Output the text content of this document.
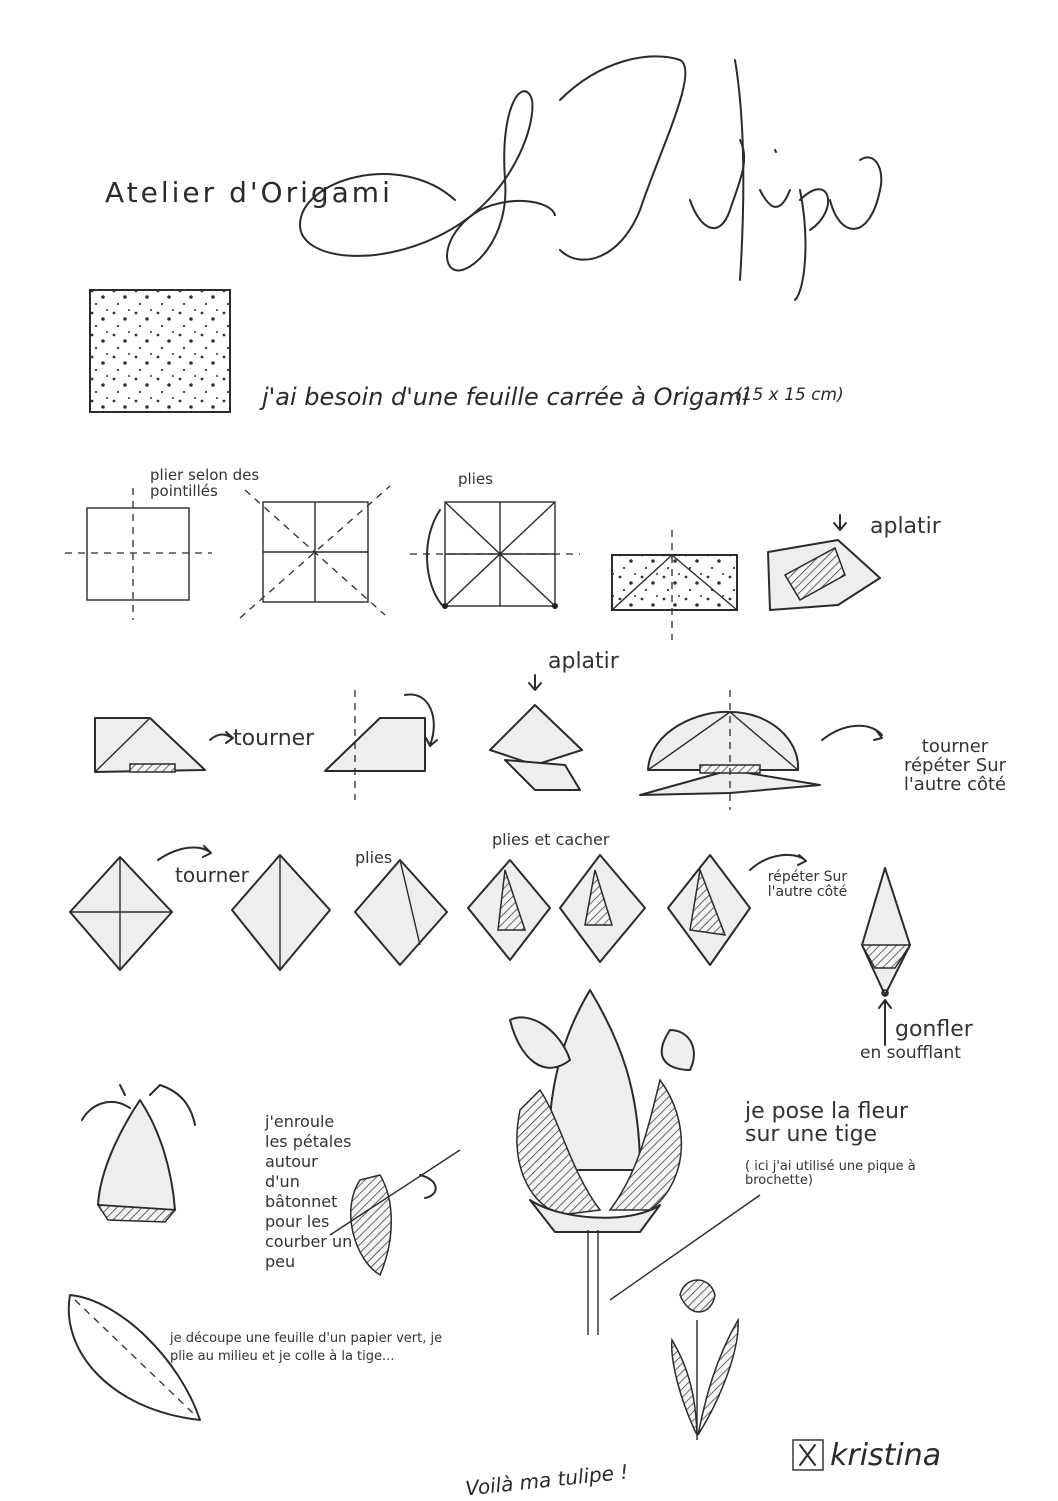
Atelier d'Origami
j'ai besoin d'une feuille carrée à Origami
(15 x 15 cm)
plier selon des pointillés
plies
aplatir
tourner
aplatir
tourner répéter Sur l'autre côté
tourner
plies
plies et cacher
répéter Sur l'autre côté
gonfler
en soufflant
j'enroule les pétales autour d'un bâtonnet pour les courber un peu
je pose la fleur sur une tige
( ici j'ai utilisé une pique à brochette)
je découpe une feuille d'un papier vert, je plie au milieu et je colle à la tige...
Voilà ma tulipe !
kristina
